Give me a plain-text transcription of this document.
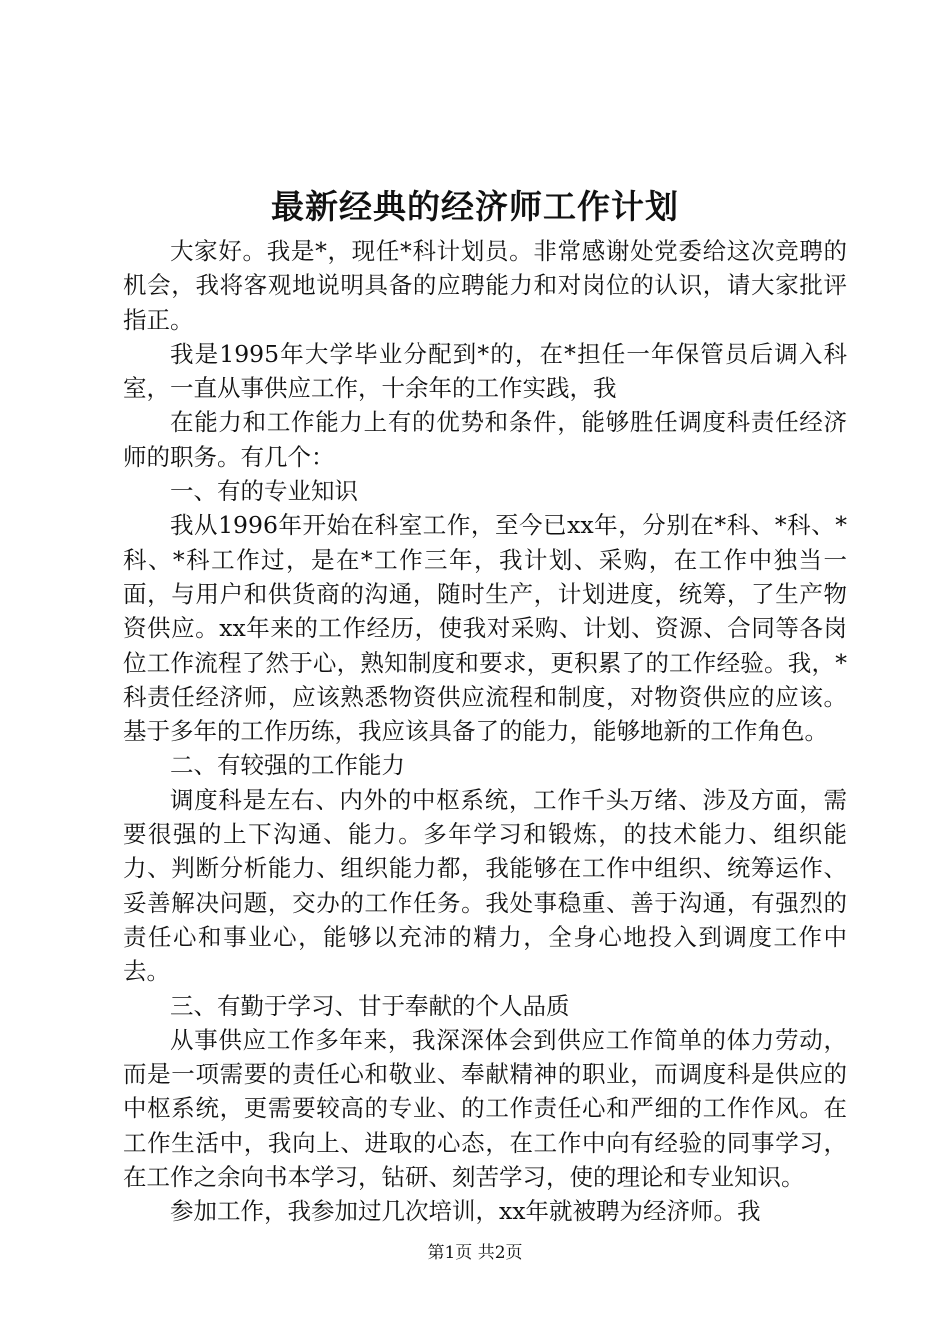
最新经典的经济师工作计划

大家好。我是*，现任*科计划员。非常感谢处党委给这次竞聘的机会，我将客观地说明具备的应聘能力和对岗位的认识，请大家批评指正。

我是1995年大学毕业分配到*的，在*担任一年保管员后调入科室，一直从事供应工作，十余年的工作实践，我

在能力和工作能力上有的优势和条件，能够胜任调度科责任经济师的职务。有几个：

一、有的专业知识

我从1996年开始在科室工作，至今已xx年，分别在*科、*科、*科、*科工作过，是在*工作三年，我计划、采购，在工作中独当一面，与用户和供货商的沟通，随时生产，计划进度，统筹，了生产物资供应。xx年来的工作经历，使我对采购、计划、资源、合同等各岗位工作流程了然于心，熟知制度和要求，更积累了的工作经验。我，*科责任经济师，应该熟悉物资供应流程和制度，对物资供应的应该。基于多年的工作历练，我应该具备了的能力，能够地新的工作角色。

二、有较强的工作能力

调度科是左右、内外的中枢系统，工作千头万绪、涉及方面，需要很强的上下沟通、能力。多年学习和锻炼，的技术能力、组织能力、判断分析能力、组织能力都，我能够在工作中组织、统筹运作、妥善解决问题，交办的工作任务。我处事稳重、善于沟通，有强烈的责任心和事业心，能够以充沛的精力，全身心地投入到调度工作中去。

三、有勤于学习、甘于奉献的个人品质

从事供应工作多年来，我深深体会到供应工作简单的体力劳动，而是一项需要的责任心和敬业、奉献精神的职业，而调度科是供应的中枢系统，更需要较高的专业、的工作责任心和严细的工作作风。在工作生活中，我向上、进取的心态，在工作中向有经验的同事学习，在工作之余向书本学习，钻研、刻苦学习，使的理论和专业知识。

参加工作，我参加过几次培训，xx年就被聘为经济师。我

第1页 共2页
